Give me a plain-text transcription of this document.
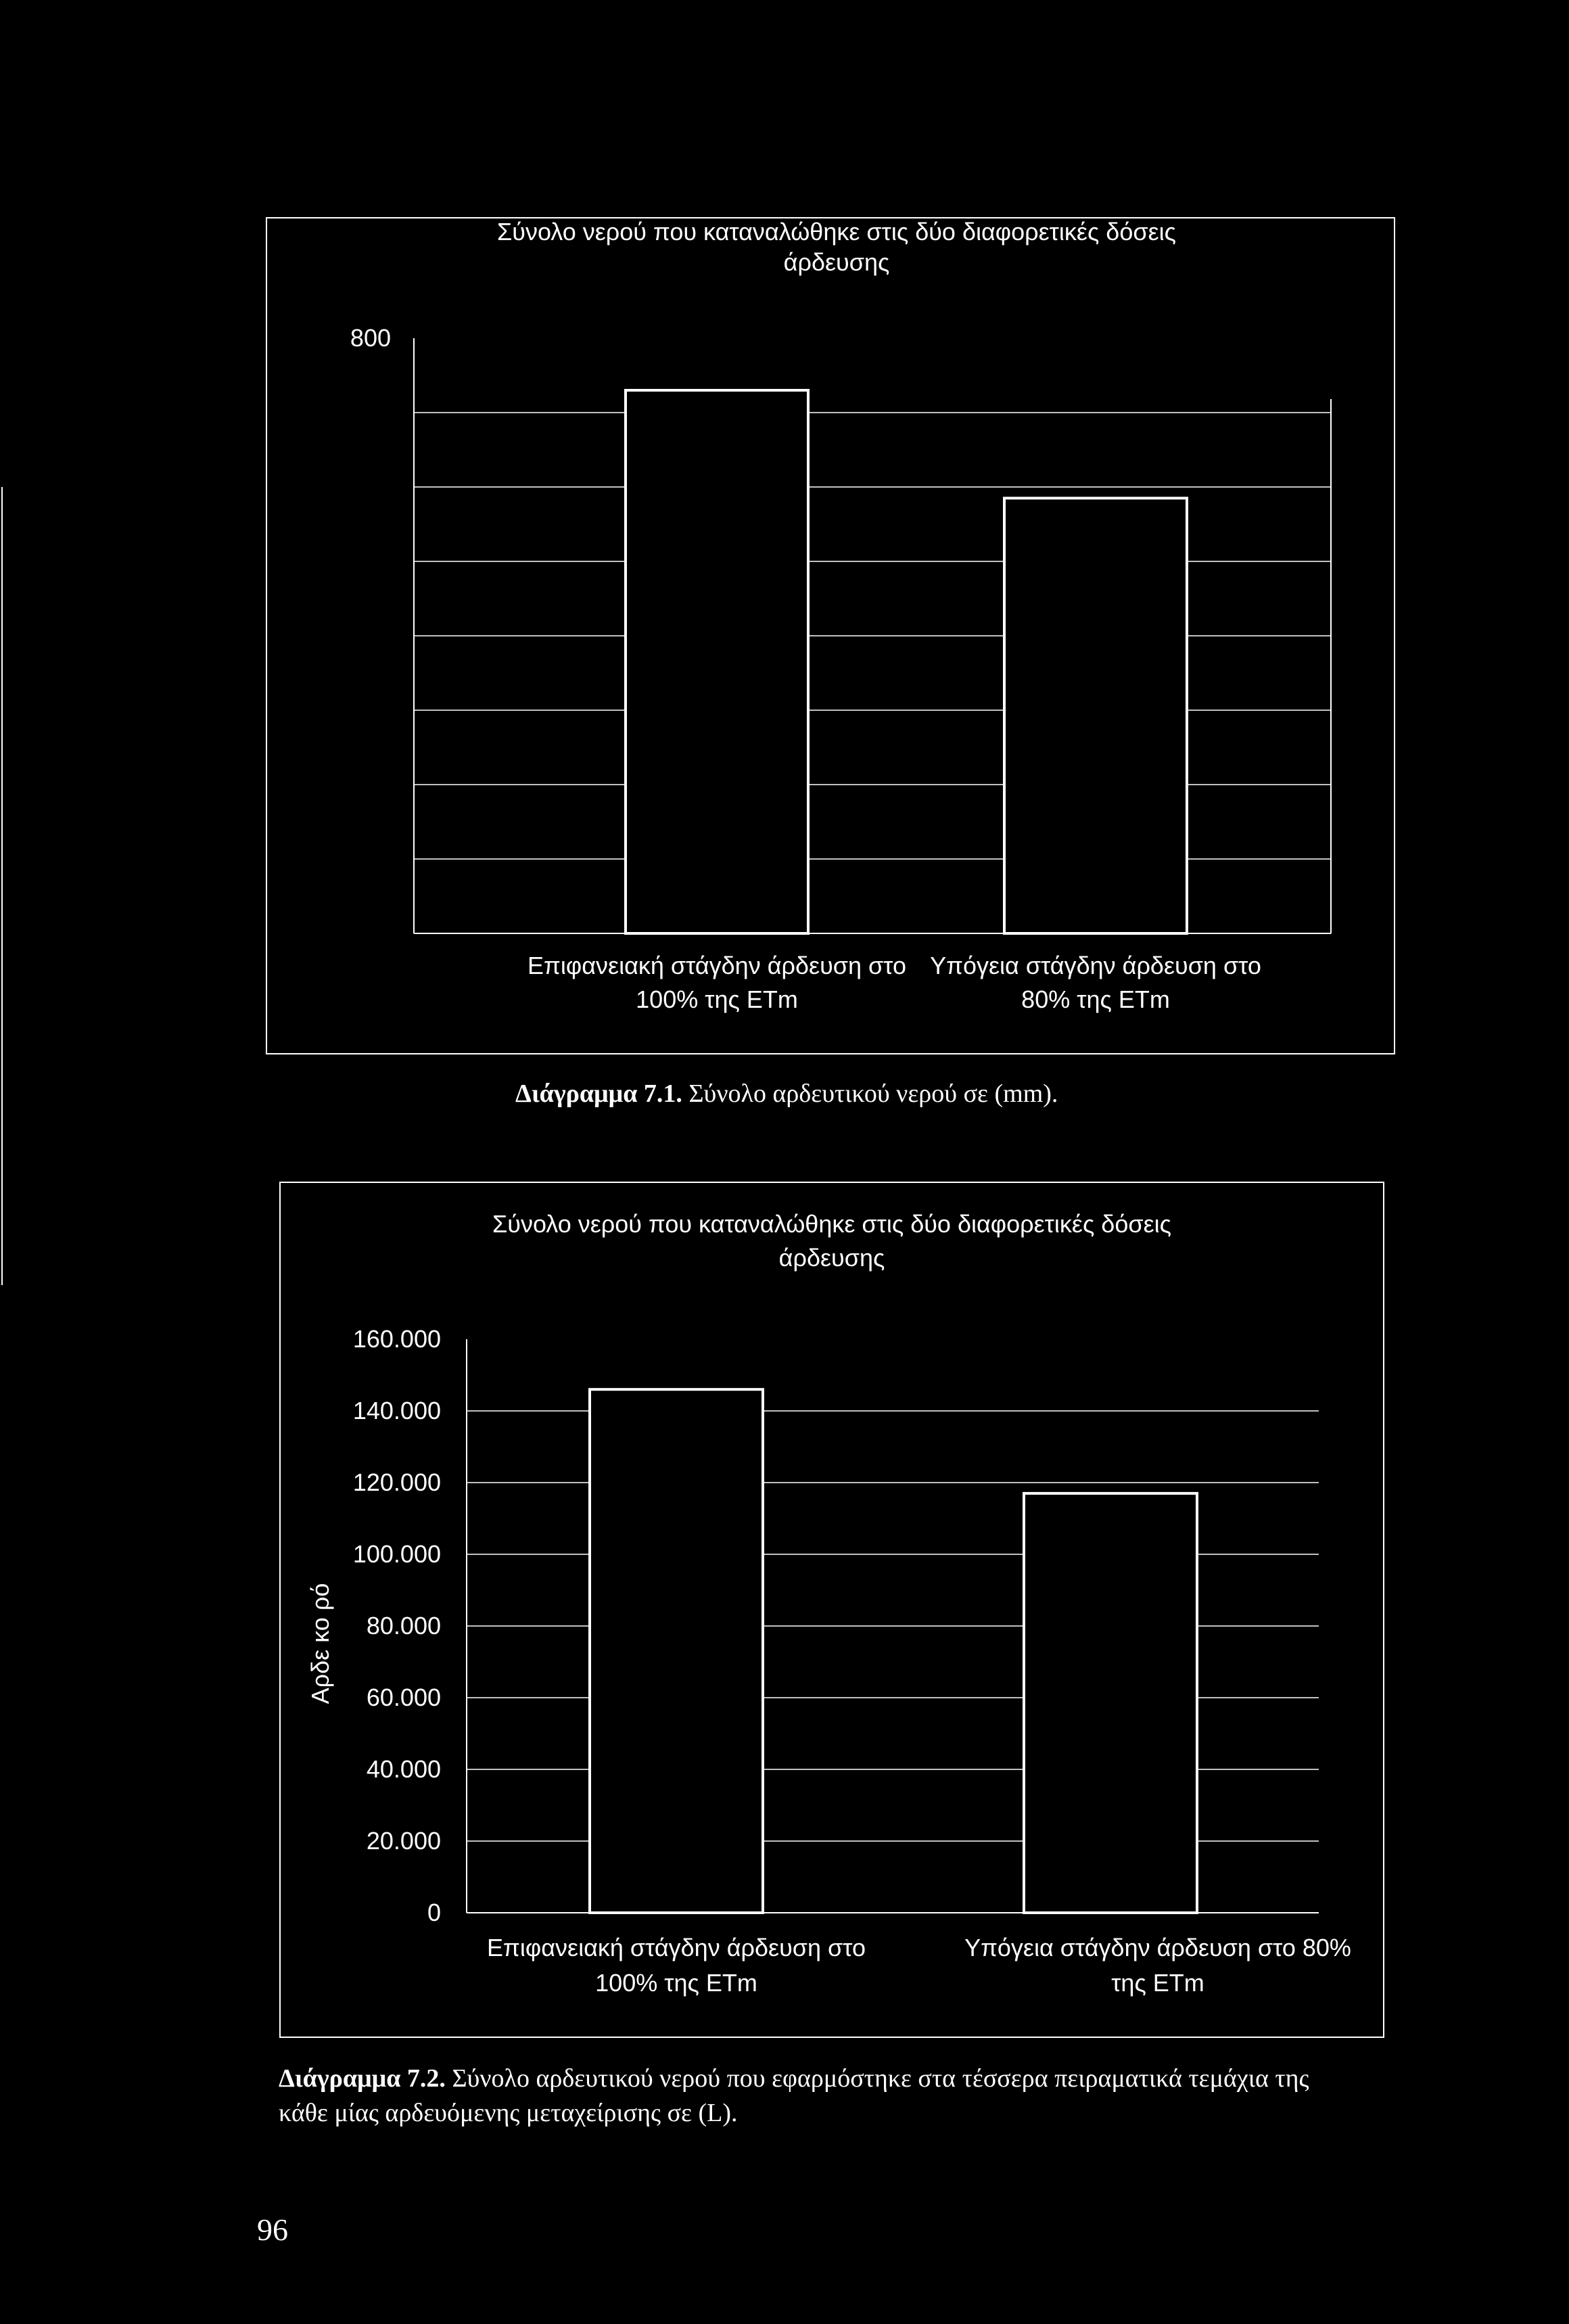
Σύνολο νερού που καταναλώθηκε στις δύο διαφορετικές δόσεις
άρδευσης
800
Επιφανειακή στάγδην άρδευση στο
100% της ETm
Υπόγεια στάγδην άρδευση στο
80% της ETm
Σύνολο νερού που καταναλώθηκε στις δύο διαφορετικές δόσεις
άρδευσης
Αρδε κο ρό
0
20.000
40.000
60.000
80.000
100.000
120.000
140.000
160.000
Επιφανειακή στάγδην άρδευση στο
100% της ETm
Υπόγεια στάγδην άρδευση στο 80%
της ETm
Διάγραμμα 7.1. Σύνολο αρδευτικού νερού σε (mm).
Διάγραμμα 7.2. Σύνολο αρδευτικού νερού που εφαρμόστηκε στα τέσσερα πειραματικά τεμάχια της
κάθε μίας αρδευόμενης μεταχείρισης σε (L).
96
